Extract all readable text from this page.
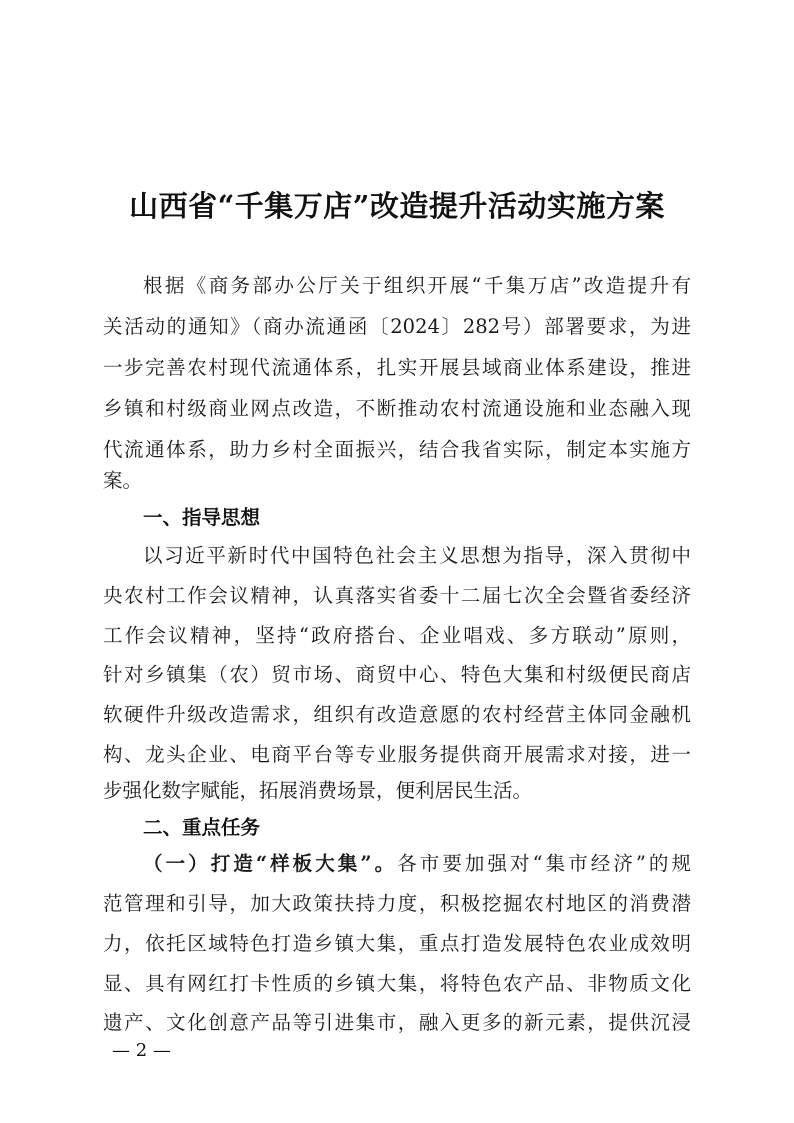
山西省“千集万店”改造提升活动实施方案
根据《商务部办公厅关于组织开展“千集万店”改造提升有
关活动的通知》（商办流通函〔2024〕282号）部署要求，为进
一步完善农村现代流通体系，扎实开展县域商业体系建设，推进
乡镇和村级商业网点改造，不断推动农村流通设施和业态融入现
代流通体系，助力乡村全面振兴，结合我省实际，制定本实施方
案。
一、指导思想
以习近平新时代中国特色社会主义思想为指导，深入贯彻中
央农村工作会议精神，认真落实省委十二届七次全会暨省委经济
工作会议精神，坚持“政府搭台、企业唱戏、多方联动”原则，
针对乡镇集（农）贸市场、商贸中心、特色大集和村级便民商店
软硬件升级改造需求，组织有改造意愿的农村经营主体同金融机
构、龙头企业、电商平台等专业服务提供商开展需求对接，进一
步强化数字赋能，拓展消费场景，便利居民生活。
二、重点任务
（一）打造“样板大集”。各市要加强对“集市经济”的规
范管理和引导，加大政策扶持力度，积极挖掘农村地区的消费潜
力，依托区域特色打造乡镇大集，重点打造发展特色农业成效明
显、具有网红打卡性质的乡镇大集，将特色农产品、非物质文化
遗产、文化创意产品等引进集市，融入更多的新元素，提供沉浸
— 2 —
